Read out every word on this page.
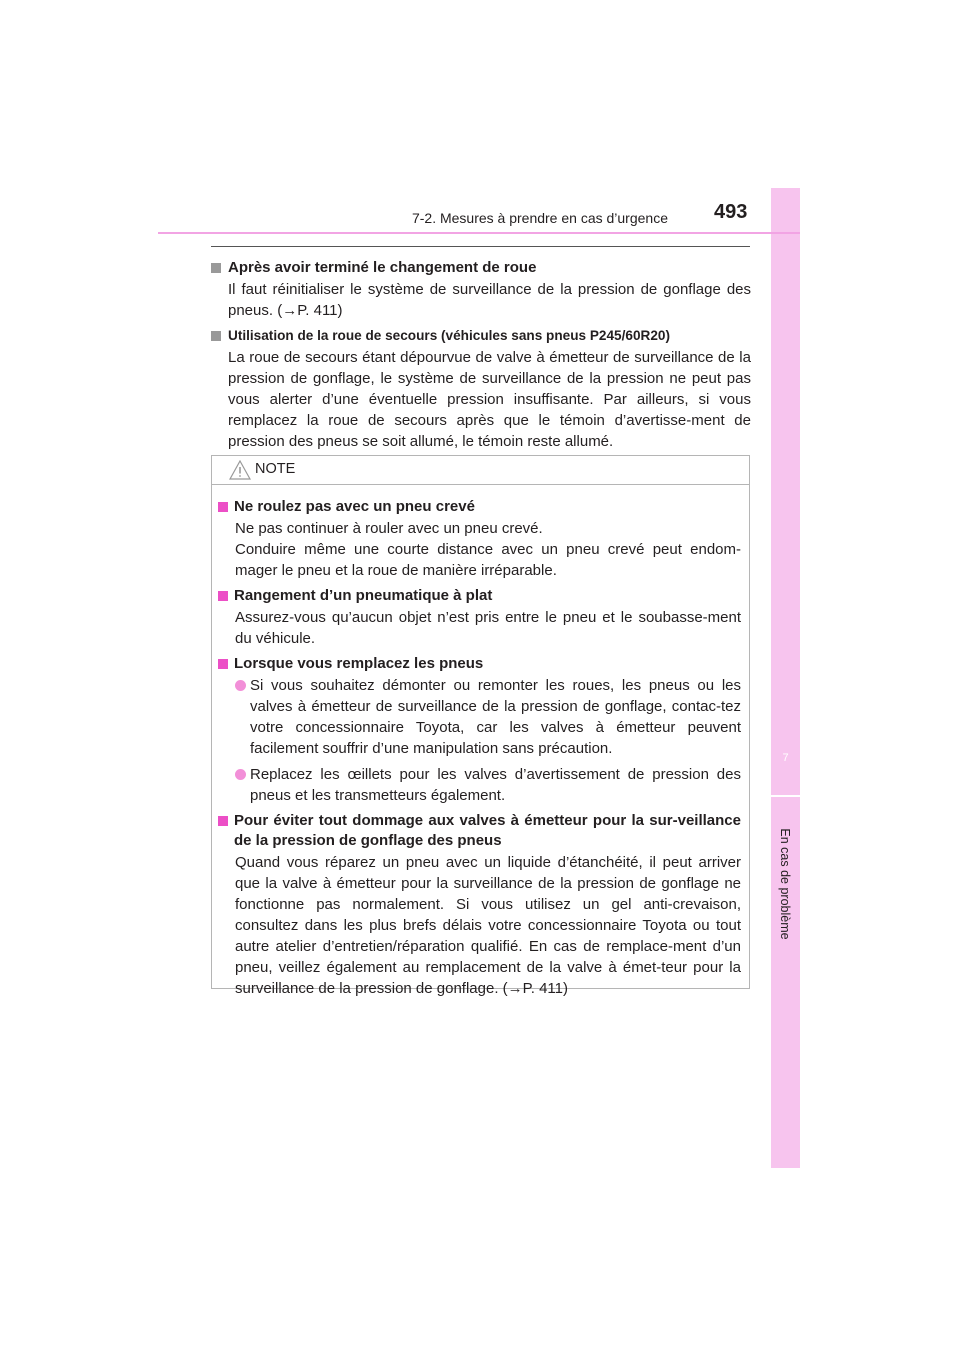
7
En cas de problème
7-2. Mesures à prendre en cas d’urgence 493
Après avoir terminé le changement de roue

Il faut réinitialiser le système de surveillance de la pression de gonflage des pneus. (→P. 411)

Utilisation de la roue de secours (véhicules sans pneus P245/60R20)

La roue de secours étant dépourvue de valve à émetteur de surveillance de la pression de gonflage, le système de surveillance de la pression ne peut pas vous alerter d’une éventuelle pression insuffisante. Par ailleurs, si vous remplacez la roue de secours après que le témoin d’avertisse-ment de pression des pneus se soit allumé, le témoin reste allumé.

NOTE
Ne roulez pas avec un pneu crevé

Ne pas continuer à rouler avec un pneu crevé.

Conduire même une courte distance avec un pneu crevé peut endom-mager le pneu et la roue de manière irréparable.

Rangement d’un pneumatique à plat

Assurez-vous qu’aucun objet n’est pris entre le pneu et le soubasse-ment du véhicule.

Lorsque vous remplacez les pneus
Si vous souhaitez démonter ou remonter les roues, les pneus ou les valves à émetteur de surveillance de la pression de gonflage, contac-tez votre concessionnaire Toyota, car les valves à émetteur peuvent facilement souffrir d’une manipulation sans précaution.
Replacez les œillets pour les valves d’avertissement de pression des pneus et les transmetteurs également.
Pour éviter tout dommage aux valves à émetteur pour la sur-veillance de la pression de gonflage des pneus

Quand vous réparez un pneu avec un liquide d’étanchéité, il peut arriver que la valve à émetteur pour la surveillance de la pression de gonflage ne fonctionne pas normalement. Si vous utilisez un gel anti-crevaison, consultez dans les plus brefs délais votre concessionnaire Toyota ou tout autre atelier d’entretien/réparation qualifié. En cas de remplace-ment d’un pneu, veillez également au remplacement de la valve à émet-teur pour la surveillance de la pression de gonflage. (→P. 411)
